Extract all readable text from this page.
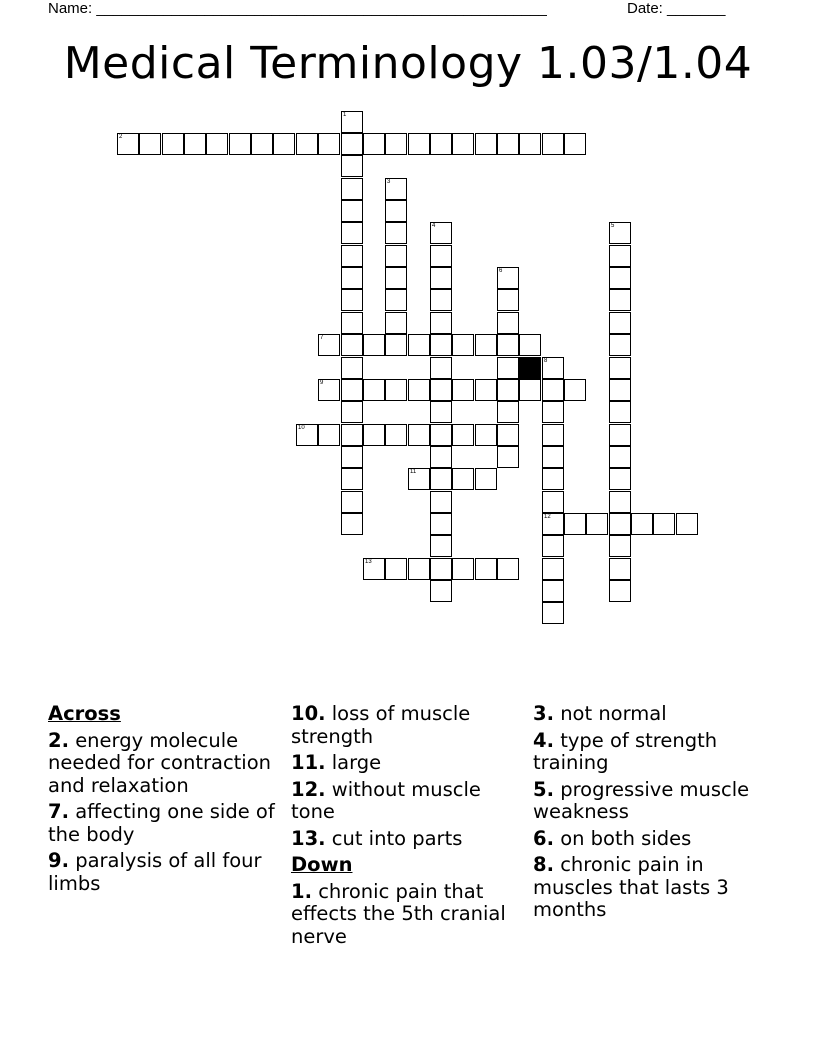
Name: ______________________________________________________	Date: _______
Medical Terminology 1.03/1.04
2
7
9
10
11
12
13
1
3
4	5
6
8
Across
2. energy molecule needed for contraction and relaxation
7. affecting one side of the body
9. paralysis of all four limbs
10. loss of muscle strength
11. large
12. without muscle tone
13. cut into parts
Down
1. chronic pain that effects the 5th cranial nerve
3. not normal
4. type of strength training
5. progressive muscle weakness
6. on both sides
8. chronic pain in muscles that lasts 3 months
